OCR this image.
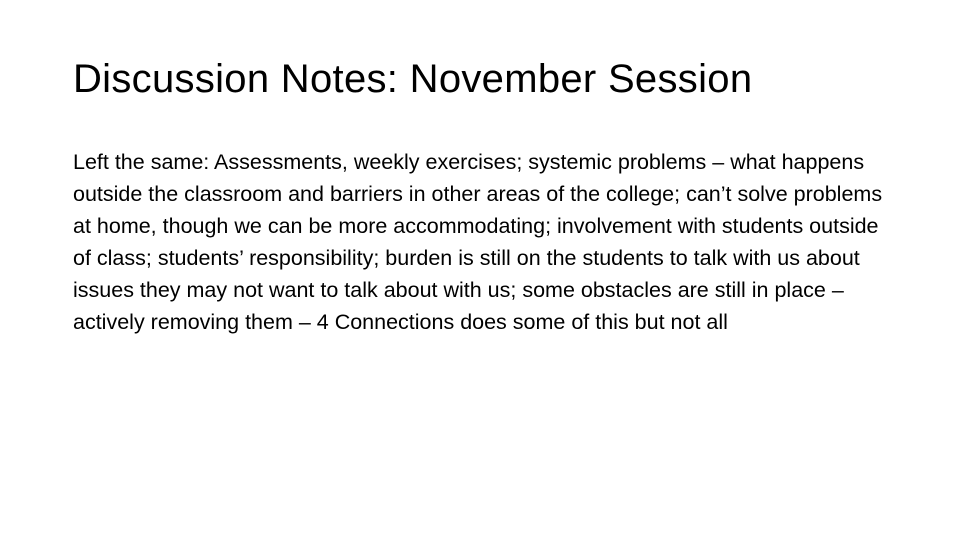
Discussion Notes: November Session

Left the same: Assessments, weekly exercises; systemic problems – what happens outside the classroom and barriers in other areas of the college; can’t solve problems at home, though we can be more accommodating; involvement with students outside of class; students’ responsibility; burden is still on the students to talk with us about issues they may not want to talk about with us; some obstacles are still in place – actively removing them – 4 Connections does some of this but not all
